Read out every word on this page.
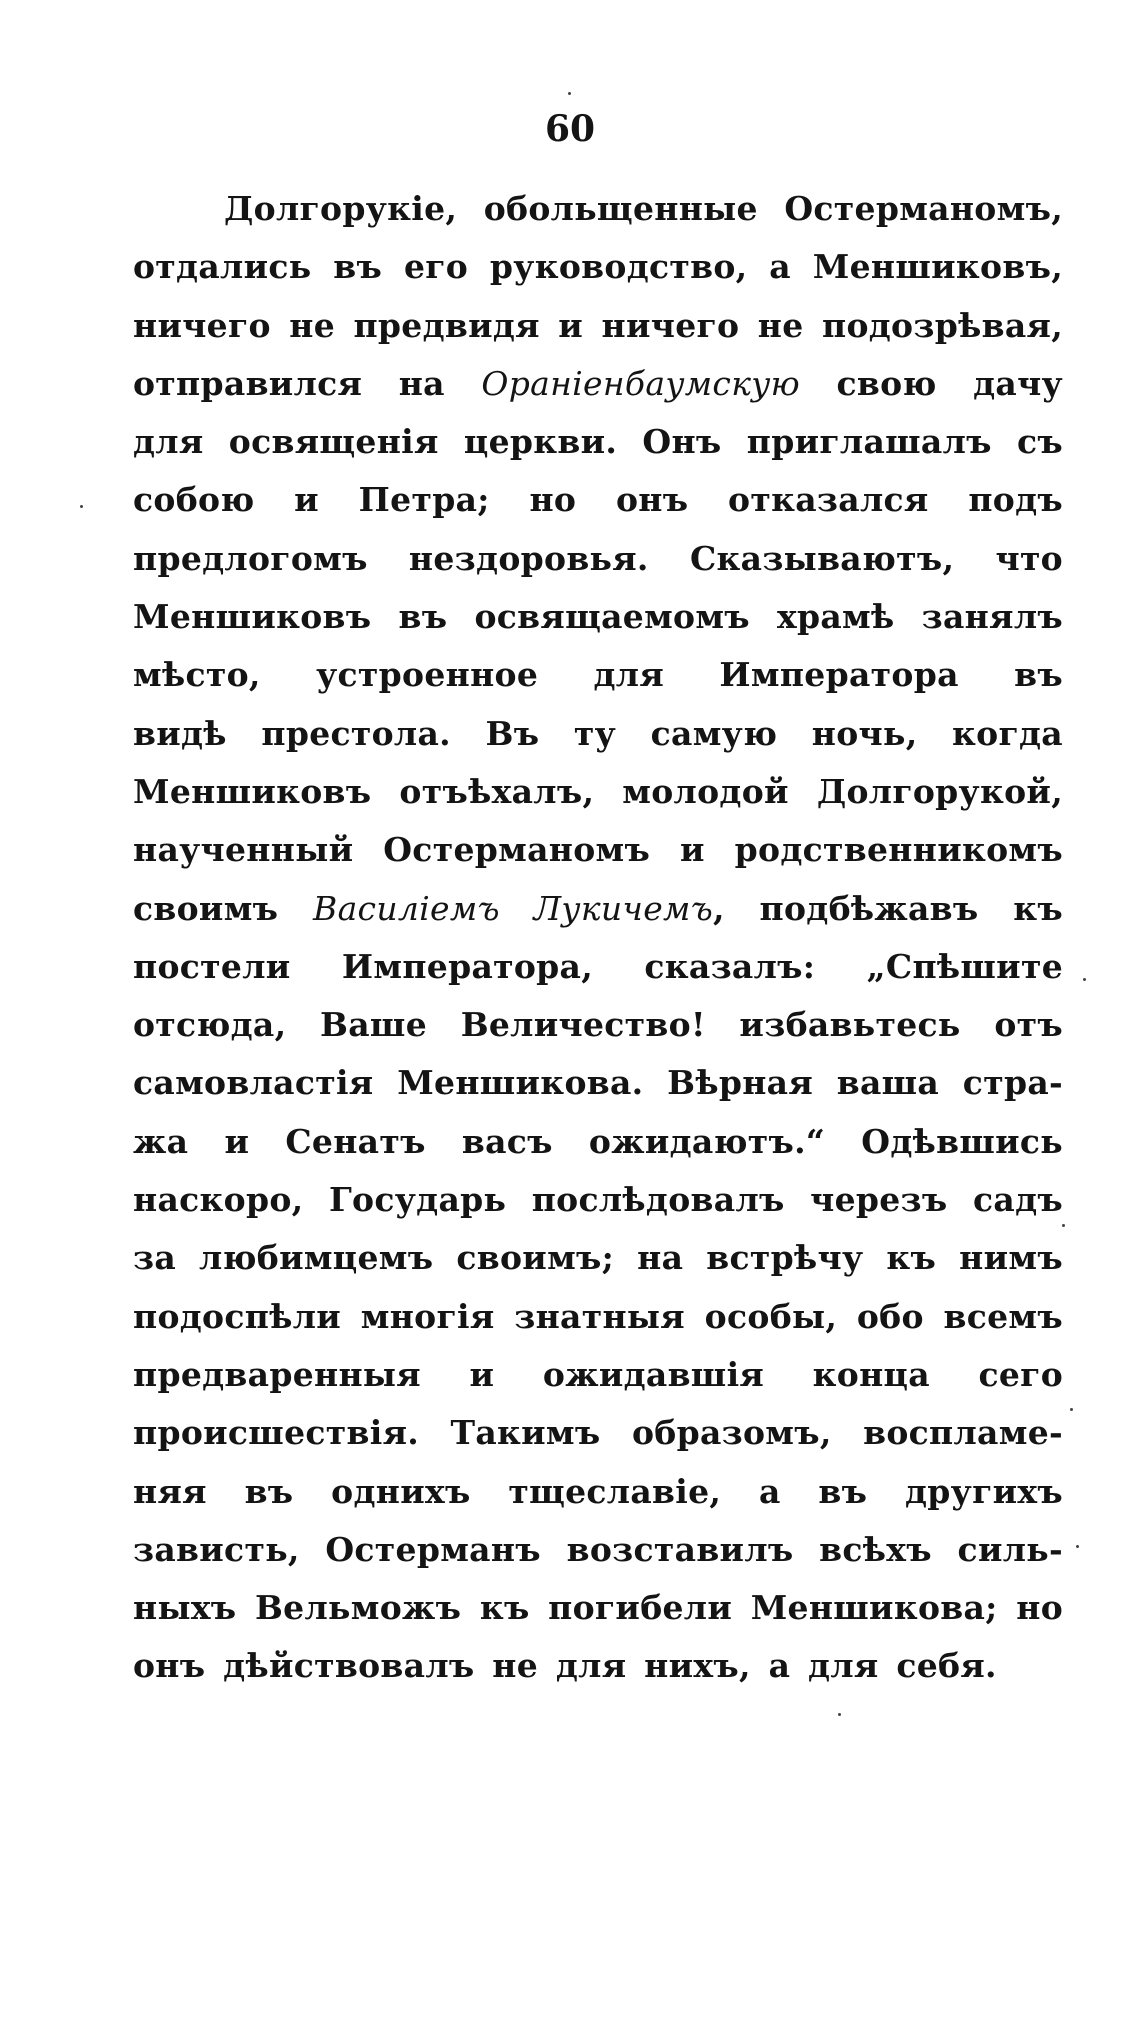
60
Долгорукіе, обольщенные Остерманомъ,
отдались въ его руководство, а Меншиковъ,
ничего не предвидя и ничего не подозрѣвая,
отправился на Ораніенбаумскую свою дачу
для освященія церкви. Онъ приглашалъ съ
собою и Петра; но онъ отказался подъ
предлогомъ нездоровья. Сказываютъ, что
Меншиковъ въ освящаемомъ храмѣ занялъ
мѣсто, устроенное для Императора въ
видѣ престола. Въ ту самую ночь, когда
Меншиковъ отъѣхалъ, молодой Долгорукой,
наученный Остерманомъ и родственникомъ
своимъ Василіемъ Лукичемъ, подбѣжавъ къ
постели Императора, сказалъ: „Спѣшите
отсюда, Ваше Величество! избавьтесь отъ
самовластія Меншикова. Вѣрная ваша стра-
жа и Сенатъ васъ ожидаютъ.“ Одѣвшись
наскоро, Государь послѣдовалъ черезъ садъ
за любимцемъ своимъ; на встрѣчу къ нимъ
подоспѣли многія знатныя особы, обо всемъ
предваренныя и ожидавшія конца сего
происшествія. Такимъ образомъ, воспламе-
няя въ однихъ тщеславіе, а въ другихъ
зависть, Остерманъ возставилъ всѣхъ силь-
ныхъ Вельможъ къ погибели Меншикова; но
онъ дѣйствовалъ не для нихъ, а для себя.
